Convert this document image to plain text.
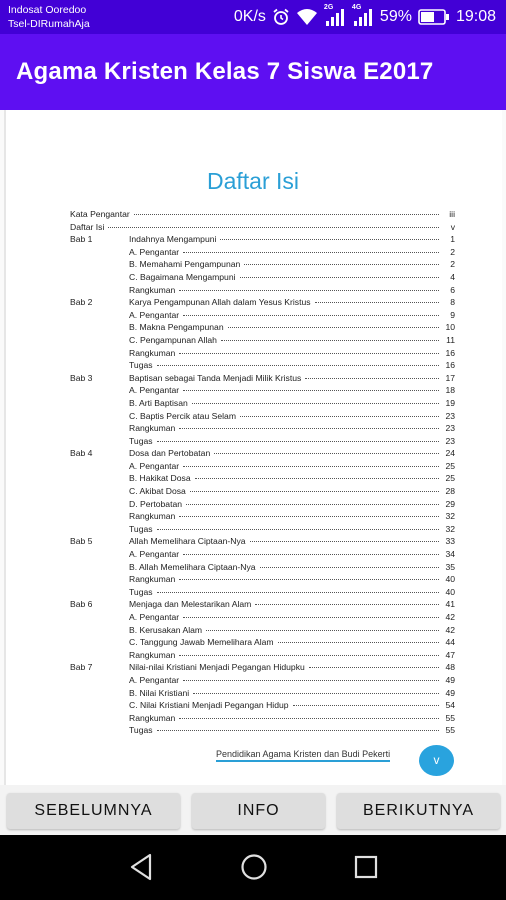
Indosat Ooredoo
Tsel-DIRumahAja	0K/s
2G	4G
59%	19:08
Agama Kristen Kelas 7 Siswa E2017
Daftar Isi
Kata Pengantar	iii
Daftar Isi	v
Bab 1	Indahnya Mengampuni	1
A. Pengantar	2
B. Memahami Pengampunan	2
C. Bagaimana Mengampuni	4
Rangkuman	6
Bab 2	Karya Pengampunan Allah dalam Yesus Kristus	8
A. Pengantar	9
B. Makna Pengampunan	10
C. Pengampunan Allah	11
Rangkuman	16
Tugas	16
Bab 3	Baptisan sebagai Tanda Menjadi Milik Kristus	17
A. Pengantar	18
B. Arti Baptisan	19
C. Baptis Percik atau Selam	23
Rangkuman	23
Tugas	23
Bab 4	Dosa dan Pertobatan	24
A. Pengantar	25
B. Hakikat Dosa	25
C. Akibat Dosa	28
D. Pertobatan	29
Rangkuman	32
Tugas	32
Bab 5	Allah Memelihara Ciptaan-Nya	33
A. Pengantar	34
B. Allah Memelihara Ciptaan-Nya	35
Rangkuman	40
Tugas	40
Bab 6	Menjaga dan Melestarikan Alam	41
A. Pengantar	42
B. Kerusakan Alam	42
C. Tanggung Jawab Memelihara Alam	44
Rangkuman	47
Bab 7	Nilai-nilai Kristiani Menjadi Pegangan Hidupku	48
A. Pengantar	49
B. Nilai Kristiani	49
C. Nilai Kristiani Menjadi Pegangan Hidup	54
Rangkuman	55
Tugas	55
Pendidikan Agama Kristen dan Budi Pekerti	v
SEBELUMNYA	INFO	BERIKUTNYA
